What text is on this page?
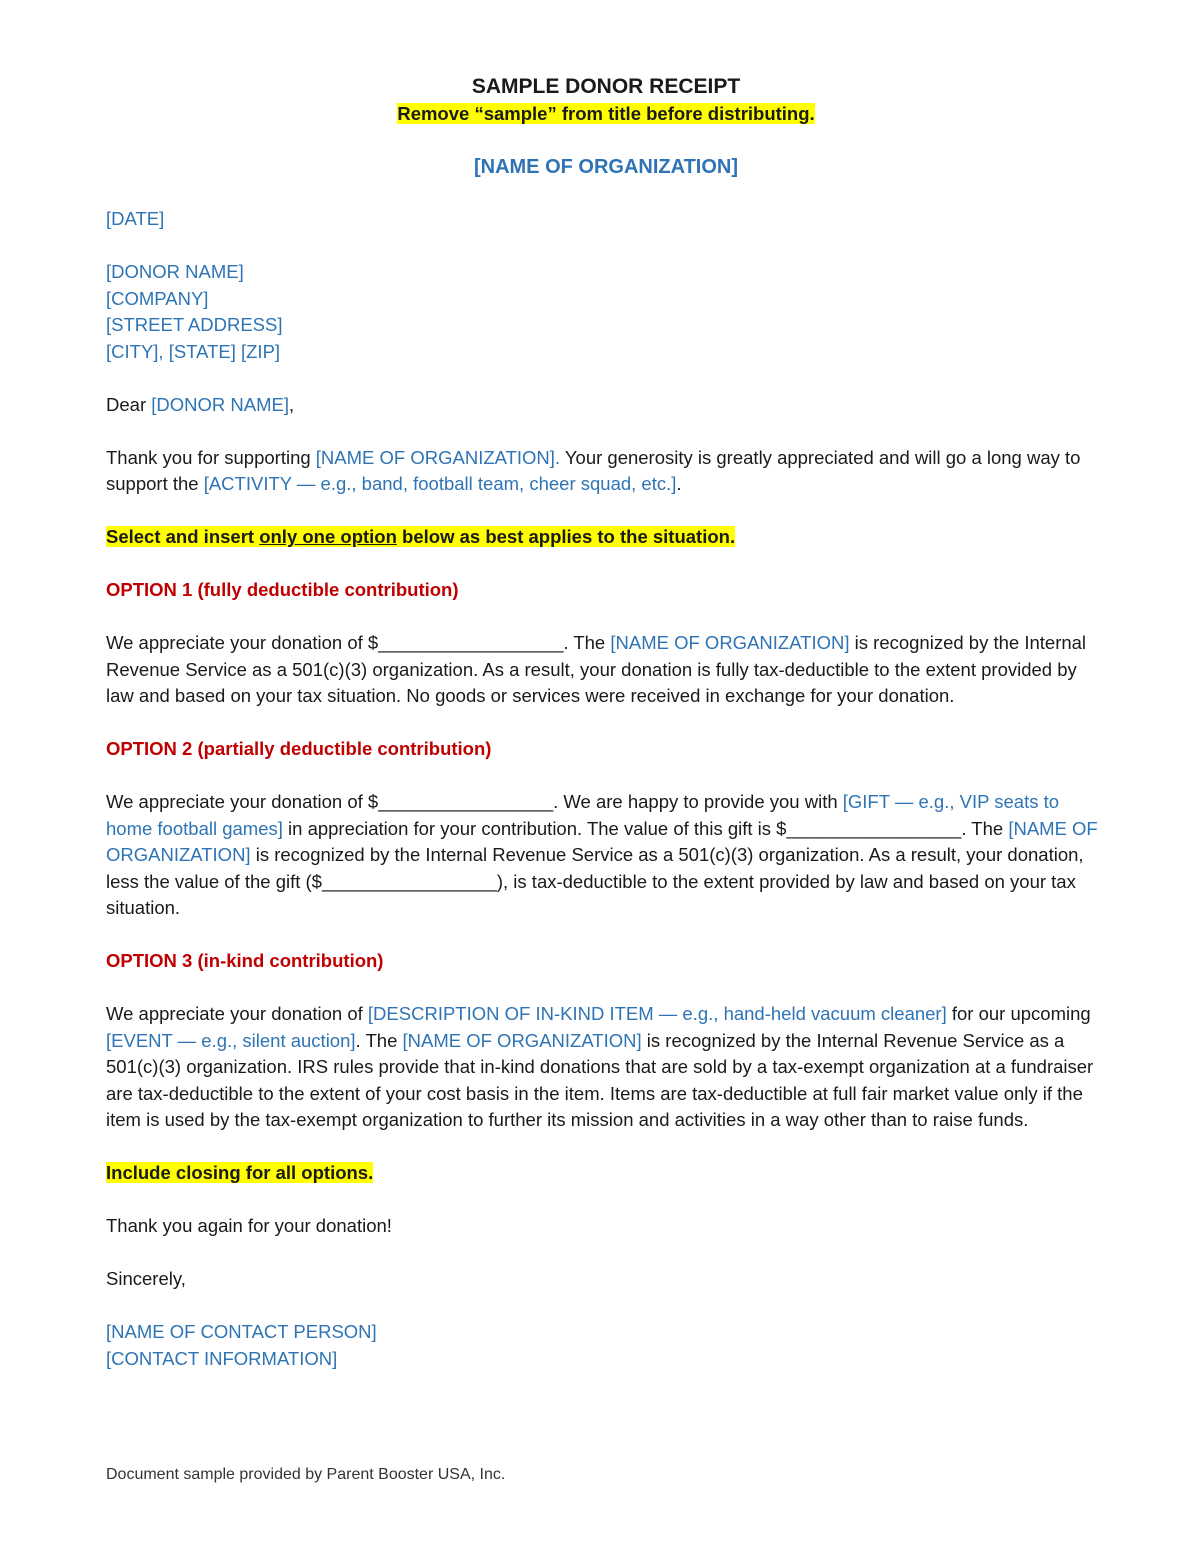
SAMPLE DONOR RECEIPT

Remove “sample” from title before distributing.

[NAME OF ORGANIZATION]

[DATE]

[DONOR NAME]

[COMPANY]

[STREET ADDRESS]

[CITY], [STATE] [ZIP]

Dear [DONOR NAME],

Thank you for supporting [NAME OF ORGANIZATION]. Your generosity is greatly appreciated and will go a long way to support the [ACTIVITY — e.g., band, football team, cheer squad, etc.].

Select and insert only one option below as best applies to the situation.

OPTION 1 (fully deductible contribution)

We appreciate your donation of $__________________. The [NAME OF ORGANIZATION] is recognized by the Internal Revenue Service as a 501(c)(3) organization. As a result, your donation is fully tax-deductible to the extent provided by law and based on your tax situation. No goods or services were received in exchange for your donation.

OPTION 2 (partially deductible contribution)

We appreciate your donation of $_________________. We are happy to provide you with [GIFT — e.g., VIP seats to home football games] in appreciation for your contribution. The value of this gift is $_________________. The [NAME OF ORGANIZATION] is recognized by the Internal Revenue Service as a 501(c)(3) organization. As a result, your donation, less the value of the gift ($_________________), is tax-deductible to the extent provided by law and based on your tax situation.

OPTION 3 (in-kind contribution)

We appreciate your donation of [DESCRIPTION OF IN-KIND ITEM — e.g., hand-held vacuum cleaner] for our upcoming [EVENT — e.g., silent auction]. The [NAME OF ORGANIZATION] is recognized by the Internal Revenue Service as a 501(c)(3) organization. IRS rules provide that in-kind donations that are sold by a tax-exempt organization at a fundraiser are tax-deductible to the extent of your cost basis in the item. Items are tax-deductible at full fair market value only if the item is used by the tax-exempt organization to further its mission and activities in a way other than to raise funds.

Include closing for all options.

Thank you again for your donation!

Sincerely,

[NAME OF CONTACT PERSON]

[CONTACT INFORMATION]

Document sample provided by Parent Booster USA, Inc.
